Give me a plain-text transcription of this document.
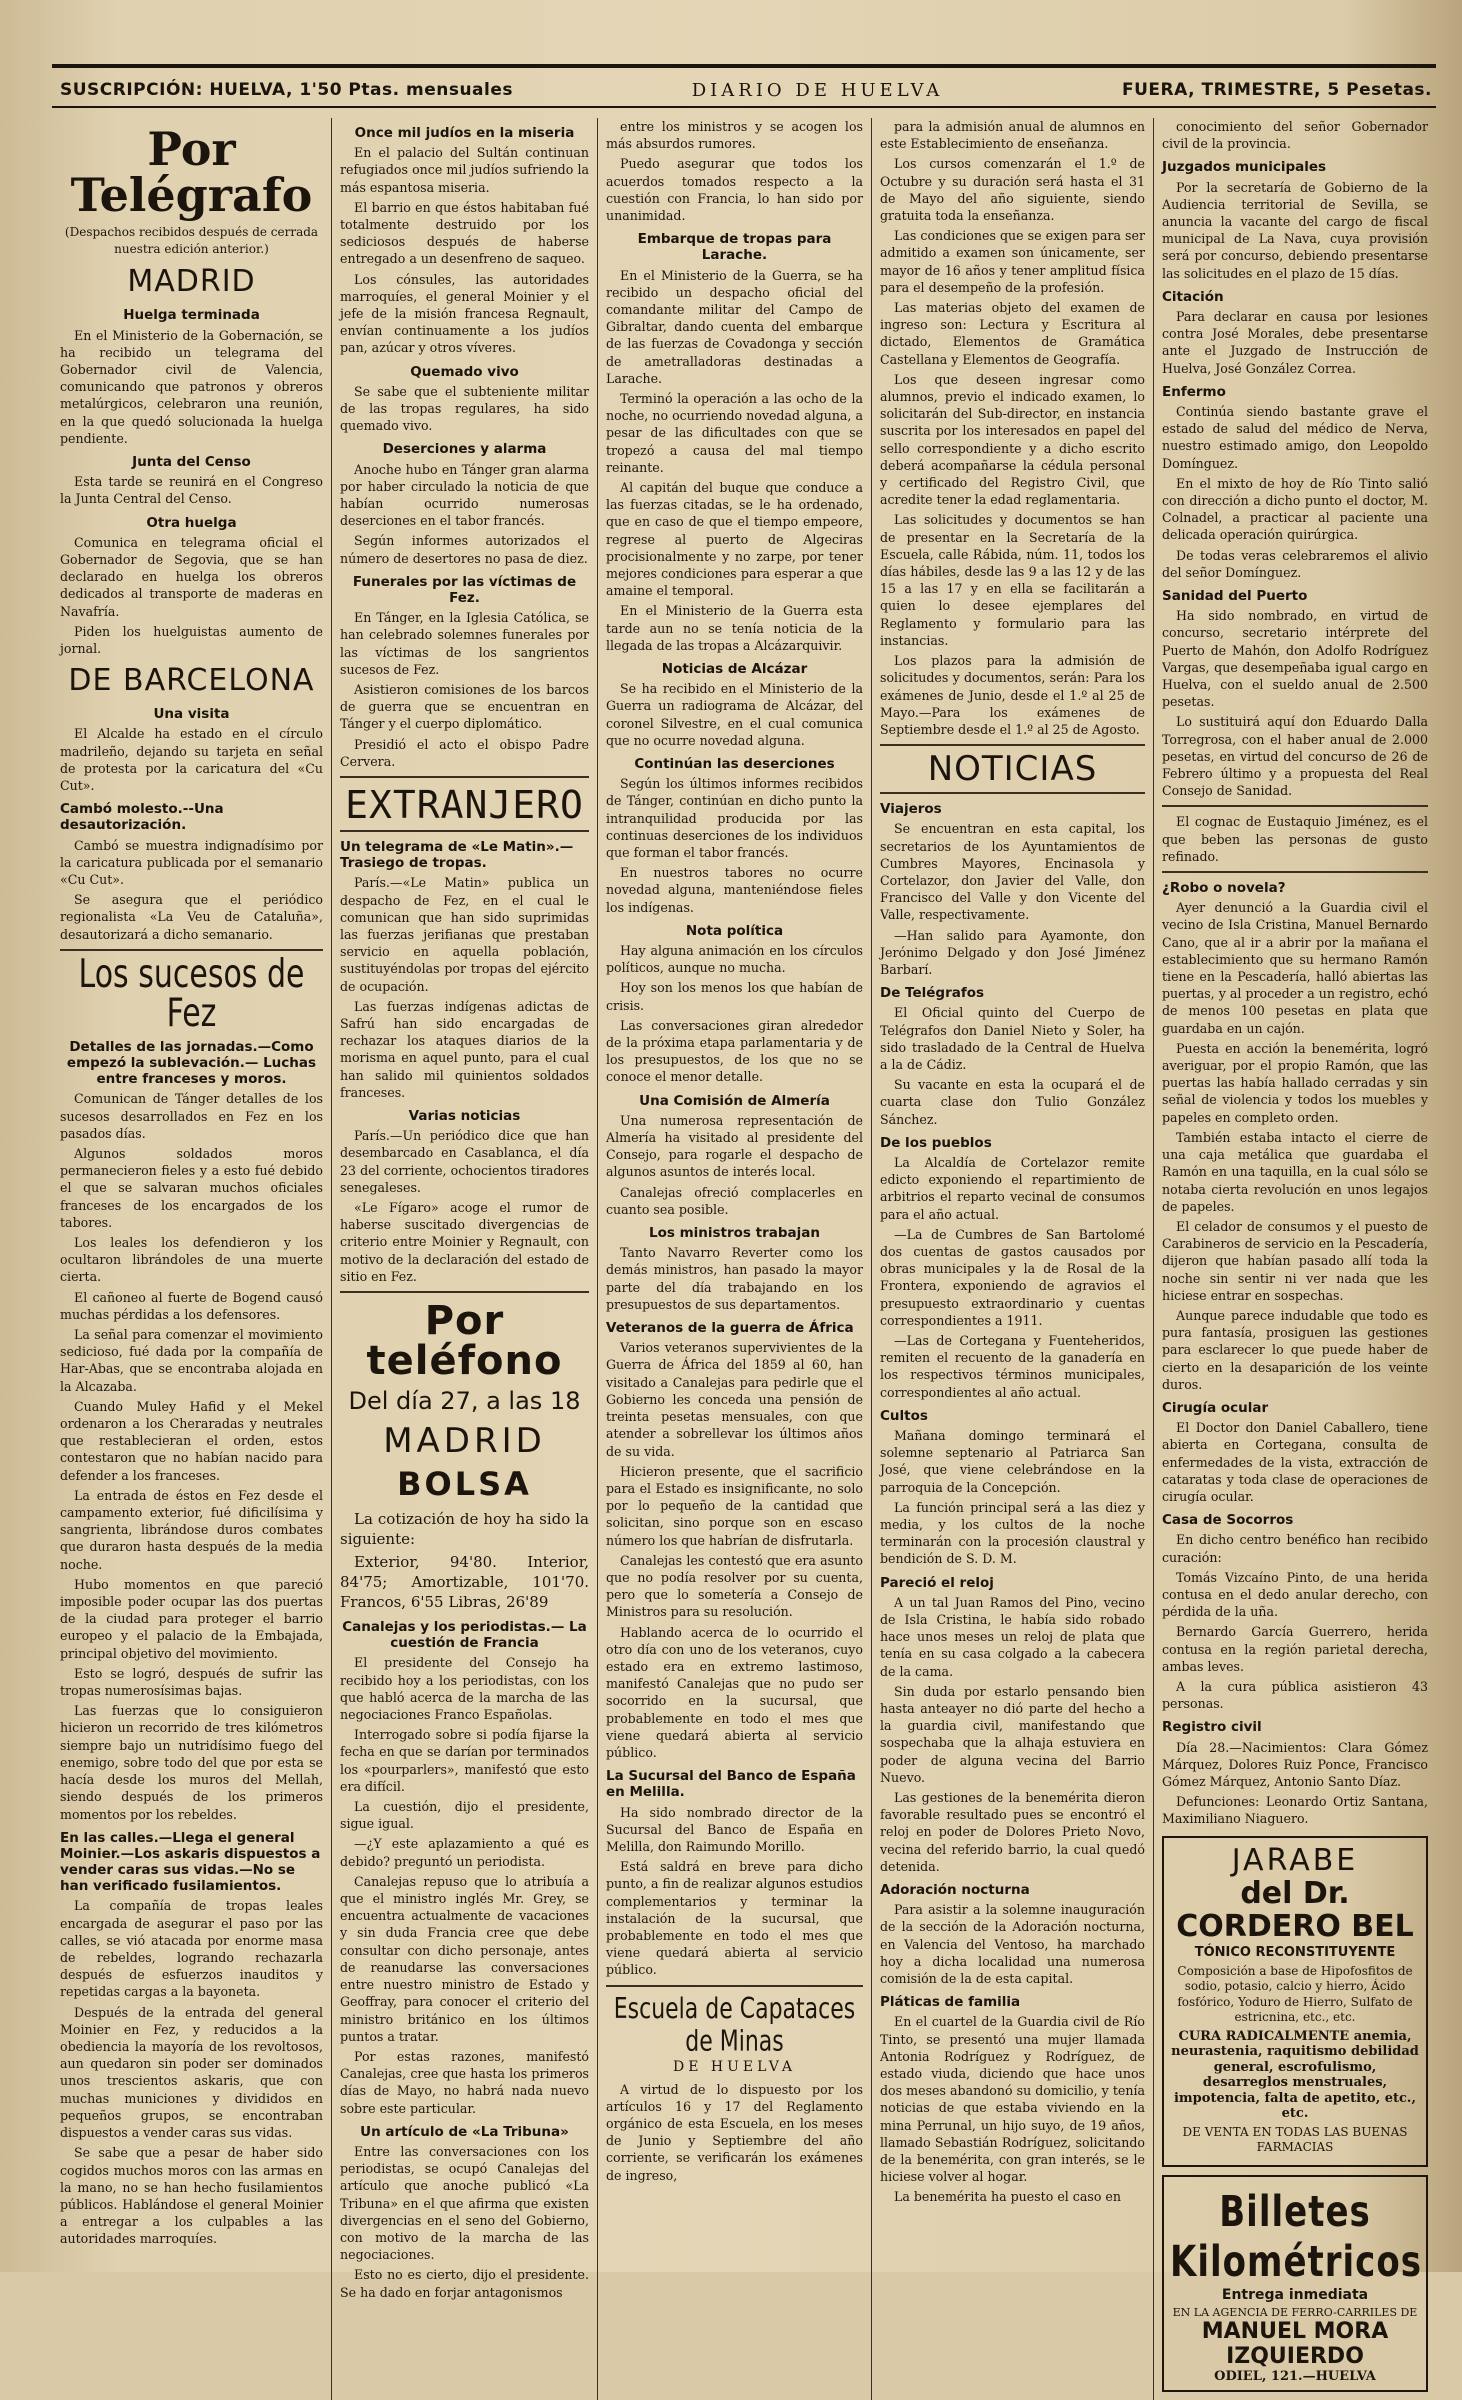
SUSCRIPCIÓN: HUELVA, 1'50 Ptas. mensuales	DIARIO DE HUELVA	FUERA, TRIMESTRE, 5 Pesetas.
Por Telégrafo

(Despachos recibidos después de cerrada nuestra edición anterior.)

MADRID
Huelga terminada

En el Ministerio de la Gobernación, se ha recibido un telegrama del Gobernador civil de Valencia, comunicando que patronos y obreros metalúrgicos, celebraron una reunión, en la que quedó solucionada la huelga pendiente.

Junta del Censo

Esta tarde se reunirá en el Congreso la Junta Central del Censo.

Otra huelga

Comunica en telegrama oficial el Gobernador de Segovia, que se han declarado en huelga los obreros dedicados al transporte de maderas en Navafría.

Piden los huelguistas aumento de jornal.

DE BARCELONA
Una visita

El Alcalde ha estado en el círculo madrileño, dejando su tarjeta en señal de protesta por la caricatura del «Cu Cut».

Cambó molesto.--Una desautorización.

Cambó se muestra indignadísimo por la caricatura publicada por el semanario «Cu Cut».

Se asegura que el periódico regionalista «La Veu de Cataluña», desautorizará a dicho semanario.

Los sucesos de Fez
Detalles de las jornadas.—Como empezó la sublevación.— Luchas entre franceses y moros.

Comunican de Tánger detalles de los sucesos desarrollados en Fez en los pasados días.

Algunos soldados moros permanecieron fieles y a esto fué debido el que se salvaran muchos oficiales franceses de los encargados de los tabores.

Los leales los defendieron y los ocultaron librándoles de una muerte cierta.

El cañoneo al fuerte de Bogend causó muchas pérdidas a los defensores.

La señal para comenzar el movimiento sedicioso, fué dada por la compañía de Har-Abas, que se encontraba alojada en la Alcazaba.

Cuando Muley Hafid y el Mekel ordenaron a los Cheraradas y neutrales que restablecieran el orden, estos contestaron que no habían nacido para defender a los franceses.

La entrada de éstos en Fez desde el campamento exterior, fué dificilísima y sangrienta, librándose duros combates que duraron hasta después de la media noche.

Hubo momentos en que pareció imposible poder ocupar las dos puertas de la ciudad para proteger el barrio europeo y el palacio de la Embajada, principal objetivo del movimiento.

Esto se logró, después de sufrir las tropas numerosísimas bajas.

Las fuerzas que lo consiguieron hicieron un recorrido de tres kilómetros siempre bajo un nutridísimo fuego del enemigo, sobre todo del que por esta se hacía desde los muros del Mellah, siendo después de los primeros momentos por los rebeldes.

En las calles.—Llega el general Moinier.—Los askaris dispuestos a vender caras sus vidas.—No se han verificado fusilamientos.

La compañía de tropas leales encargada de asegurar el paso por las calles, se vió atacada por enorme masa de rebeldes, logrando rechazarla después de esfuerzos inauditos y repetidas cargas a la bayoneta.

Después de la entrada del general Moinier en Fez, y reducidos a la obediencia la mayoría de los revoltosos, aun quedaron sin poder ser dominados unos trescientos askaris, que con muchas municiones y divididos en pequeños grupos, se encontraban dispuestos a vender caras sus vidas.

Se sabe que a pesar de haber sido cogidos muchos moros con las armas en la mano, no se han hecho fusilamientos públicos. Hablándose el general Moinier a entregar a los culpables a las autoridades marroquíes.

Once mil judíos en la miseria

En el palacio del Sultán continuan refugiados once mil judíos sufriendo la más espantosa miseria.

El barrio en que éstos habitaban fué totalmente destruido por los sediciosos después de haberse entregado a un desenfreno de saqueo.

Los cónsules, las autoridades marroquíes, el general Moinier y el jefe de la misión francesa Regnault, envían continuamente a los judíos pan, azúcar y otros víveres.

Quemado vivo

Se sabe que el subteniente militar de las tropas regulares, ha sido quemado vivo.

Deserciones y alarma

Anoche hubo en Tánger gran alarma por haber circulado la noticia de que habían ocurrido numerosas deserciones en el tabor francés.

Según informes autorizados el número de desertores no pasa de diez.

Funerales por las víctimas de Fez.

En Tánger, en la Iglesia Católica, se han celebrado solemnes funerales por las víctimas de los sangrientos sucesos de Fez.

Asistieron comisiones de los barcos de guerra que se encuentran en Tánger y el cuerpo diplomático.

Presidió el acto el obispo Padre Cervera.

EXTRANJERO
Un telegrama de «Le Matin».— Trasiego de tropas.

París.—«Le Matin» publica un despacho de Fez, en el cual le comunican que han sido suprimidas las fuerzas jerifianas que prestaban servicio en aquella población, sustituyéndolas por tropas del ejército de ocupación.

Las fuerzas indígenas adictas de Safrú han sido encargadas de rechazar los ataques diarios de la morisma en aquel punto, para el cual han salido mil quinientos soldados franceses.

Varias noticias

París.—Un periódico dice que han desembarcado en Casablanca, el día 23 del corriente, ochocientos tiradores senegaleses.

«Le Fígaro» acoge el rumor de haberse suscitado divergencias de criterio entre Moinier y Regnault, con motivo de la declaración del estado de sitio en Fez.

Por teléfono
Del día 27, a las 18
MADRID
BOLSA

La cotización de hoy ha sido la siguiente:

Exterior, 94'80. Interior, 84'75; Amortizable, 101'70. Francos, 6'55 Libras, 26'89

Canalejas y los periodistas.— La cuestión de Francia

El presidente del Consejo ha recibido hoy a los periodistas, con los que habló acerca de la marcha de las negociaciones Franco Españolas.

Interrogado sobre si podía fijarse la fecha en que se darían por terminados los «pourparlers», manifestó que esto era difícil.

La cuestión, dijo el presidente, sigue igual.

—¿Y este aplazamiento a qué es debido? preguntó un periodista.

Canalejas repuso que lo atribuía a que el ministro inglés Mr. Grey, se encuentra actualmente de vacaciones y sin duda Francia cree que debe consultar con dicho personaje, antes de reanudarse las conversaciones entre nuestro ministro de Estado y Geoffray, para conocer el criterio del ministro británico en los últimos puntos a tratar.

Por estas razones, manifestó Canalejas, cree que hasta los primeros días de Mayo, no habrá nada nuevo sobre este particular.

Un artículo de «La Tribuna»

Entre las conversaciones con los periodistas, se ocupó Canalejas del artículo que anoche publicó «La Tribuna» en el que afirma que existen divergencias en el seno del Gobierno, con motivo de la marcha de las negociaciones.

Esto no es cierto, dijo el presidente. Se ha dado en forjar antagonismos

entre los ministros y se acogen los más absurdos rumores.

Puedo asegurar que todos los acuerdos tomados respecto a la cuestión con Francia, lo han sido por unanimidad.

Embarque de tropas para Larache.

En el Ministerio de la Guerra, se ha recibido un despacho oficial del comandante militar del Campo de Gibraltar, dando cuenta del embarque de las fuerzas de Covadonga y sección de ametralladoras destinadas a Larache.

Terminó la operación a las ocho de la noche, no ocurriendo novedad alguna, a pesar de las dificultades con que se tropezó a causa del mal tiempo reinante.

Al capitán del buque que conduce a las fuerzas citadas, se le ha ordenado, que en caso de que el tiempo empeore, regrese al puerto de Algeciras procisionalmente y no zarpe, por tener mejores condiciones para esperar a que amaine el temporal.

En el Ministerio de la Guerra esta tarde aun no se tenía noticia de la llegada de las tropas a Alcázarquivir.

Noticias de Alcázar

Se ha recibido en el Ministerio de la Guerra un radiograma de Alcázar, del coronel Silvestre, en el cual comunica que no ocurre novedad alguna.

Continúan las deserciones

Según los últimos informes recibidos de Tánger, continúan en dicho punto la intranquilidad producida por las continuas deserciones de los individuos que forman el tabor francés.

En nuestros tabores no ocurre novedad alguna, manteniéndose fieles los indígenas.

Nota política

Hay alguna animación en los círculos políticos, aunque no mucha.

Hoy son los menos los que habían de crisis.

Las conversaciones giran alrededor de la próxima etapa parlamentaria y de los presupuestos, de los que no se conoce el menor detalle.

Una Comisión de Almería

Una numerosa representación de Almería ha visitado al presidente del Consejo, para rogarle el despacho de algunos asuntos de interés local.

Canalejas ofreció complacerles en cuanto sea posible.

Los ministros trabajan

Tanto Navarro Reverter como los demás ministros, han pasado la mayor parte del día trabajando en los presupuestos de sus departamentos.

Veteranos de la guerra de África

Varios veteranos supervivientes de la Guerra de África del 1859 al 60, han visitado a Canalejas para pedirle que el Gobierno les conceda una pensión de treinta pesetas mensuales, con que atender a sobrellevar los últimos años de su vida.

Hicieron presente, que el sacrificio para el Estado es insignificante, no solo por lo pequeño de la cantidad que solicitan, sino porque son en escaso número los que habrían de disfrutarla.

Canalejas les contestó que era asunto que no podía resolver por su cuenta, pero que lo sometería a Consejo de Ministros para su resolución.

Hablando acerca de lo ocurrido el otro día con uno de los veteranos, cuyo estado era en extremo lastimoso, manifestó Canalejas que no pudo ser socorrido en la sucursal, que probablemente en todo el mes que viene quedará abierta al servicio público.

La Sucursal del Banco de España en Melilla.

Ha sido nombrado director de la Sucursal del Banco de España en Melilla, don Raimundo Morillo.

Está saldrá en breve para dicho punto, a fin de realizar algunos estudios complementarios y terminar la instalación de la sucursal, que probablemente en todo el mes que viene quedará abierta al servicio público.

Escuela de Capataces de Minas
DE HUELVA

A virtud de lo dispuesto por los artículos 16 y 17 del Reglamento orgánico de esta Escuela, en los meses de Junio y Septiembre del año corriente, se verificarán los exámenes de ingreso,

para la admisión anual de alumnos en este Establecimiento de enseñanza.

Los cursos comenzarán el 1.º de Octubre y su duración será hasta el 31 de Mayo del año siguiente, siendo gratuita toda la enseñanza.

Las condiciones que se exigen para ser admitido a examen son únicamente, ser mayor de 16 años y tener amplitud física para el desempeño de la profesión.

Las materias objeto del examen de ingreso son: Lectura y Escritura al dictado, Elementos de Gramática Castellana y Elementos de Geografía.

Los que deseen ingresar como alumnos, previo el indicado examen, lo solicitarán del Sub-director, en instancia suscrita por los interesados en papel del sello correspondiente y a dicho escrito deberá acompañarse la cédula personal y certificado del Registro Civil, que acredite tener la edad reglamentaria.

Las solicitudes y documentos se han de presentar en la Secretaría de la Escuela, calle Rábida, núm. 11, todos los días hábiles, desde las 9 a las 12 y de las 15 a las 17 y en ella se facilitarán a quien lo desee ejemplares del Reglamento y formulario para las instancias.

Los plazos para la admisión de solicitudes y documentos, serán: Para los exámenes de Junio, desde el 1.º al 25 de Mayo.—Para los exámenes de Septiembre desde el 1.º al 25 de Agosto.

NOTICIAS
Viajeros

Se encuentran en esta capital, los secretarios de los Ayuntamientos de Cumbres Mayores, Encinasola y Cortelazor, don Javier del Valle, don Francisco del Valle y don Vicente del Valle, respectivamente.

—Han salido para Ayamonte, don Jerónimo Delgado y don José Jiménez Barbarí.

De Telégrafos

El Oficial quinto del Cuerpo de Telégrafos don Daniel Nieto y Soler, ha sido trasladado de la Central de Huelva a la de Cádiz.

Su vacante en esta la ocupará el de cuarta clase don Tulio González Sánchez.

De los pueblos

La Alcaldía de Cortelazor remite edicto exponiendo el repartimiento de arbitrios el reparto vecinal de consumos para el año actual.

—La de Cumbres de San Bartolomé dos cuentas de gastos causados por obras municipales y la de Rosal de la Frontera, exponiendo de agravios el presupuesto extraordinario y cuentas correspondientes a 1911.

—Las de Cortegana y Fuenteheridos, remiten el recuento de la ganadería en los respectivos términos municipales, correspondientes al año actual.

Cultos

Mañana domingo terminará el solemne septenario al Patriarca San José, que viene celebrándose en la parroquia de la Concepción.

La función principal será a las diez y media, y los cultos de la noche terminarán con la procesión claustral y bendición de S. D. M.

Pareció el reloj

A un tal Juan Ramos del Pino, vecino de Isla Cristina, le había sido robado hace unos meses un reloj de plata que tenía en su casa colgado a la cabecera de la cama.

Sin duda por estarlo pensando bien hasta anteayer no dió parte del hecho a la guardia civil, manifestando que sospechaba que la alhaja estuviera en poder de alguna vecina del Barrio Nuevo.

Las gestiones de la benemérita dieron favorable resultado pues se encontró el reloj en poder de Dolores Prieto Novo, vecina del referido barrio, la cual quedó detenida.

Adoración nocturna

Para asistir a la solemne inauguración de la sección de la Adoración nocturna, en Valencia del Ventoso, ha marchado hoy a dicha localidad una numerosa comisión de la de esta capital.

Pláticas de familia

En el cuartel de la Guardia civil de Río Tinto, se presentó una mujer llamada Antonia Rodríguez y Rodríguez, de estado viuda, diciendo que hace unos dos meses abandonó su domicilio, y tenía noticias de que estaba viviendo en la mina Perrunal, un hijo suyo, de 19 años, llamado Sebastián Rodríguez, solicitando de la benemérita, con gran interés, se le hiciese volver al hogar.

La benemérita ha puesto el caso en

conocimiento del señor Gobernador civil de la provincia.

Juzgados municipales

Por la secretaría de Gobierno de la Audiencia territorial de Sevilla, se anuncia la vacante del cargo de fiscal municipal de La Nava, cuya provisión será por concurso, debiendo presentarse las solicitudes en el plazo de 15 días.

Citación

Para declarar en causa por lesiones contra José Morales, debe presentarse ante el Juzgado de Instrucción de Huelva, José González Correa.

Enfermo

Continúa siendo bastante grave el estado de salud del médico de Nerva, nuestro estimado amigo, don Leopoldo Domínguez.

En el mixto de hoy de Río Tinto salió con dirección a dicho punto el doctor, M. Colnadel, a practicar al paciente una delicada operación quirúrgica.

De todas veras celebraremos el alivio del señor Domínguez.

Sanidad del Puerto

Ha sido nombrado, en virtud de concurso, secretario intérprete del Puerto de Mahón, don Adolfo Rodríguez Vargas, que desempeñaba igual cargo en Huelva, con el sueldo anual de 2.500 pesetas.

Lo sustituirá aquí don Eduardo Dalla Torregrosa, con el haber anual de 2.000 pesetas, en virtud del concurso de 26 de Febrero último y a propuesta del Real Consejo de Sanidad.

El cognac de Eustaquio Jiménez, es el que beben las personas de gusto refinado.

¿Robo o novela?

Ayer denunció a la Guardia civil el vecino de Isla Cristina, Manuel Bernardo Cano, que al ir a abrir por la mañana el establecimiento que su hermano Ramón tiene en la Pescadería, halló abiertas las puertas, y al proceder a un registro, echó de menos 100 pesetas en plata que guardaba en un cajón.

Puesta en acción la benemérita, logró averiguar, por el propio Ramón, que las puertas las había hallado cerradas y sin señal de violencia y todos los muebles y papeles en completo orden.

También estaba intacto el cierre de una caja metálica que guardaba el Ramón en una taquilla, en la cual sólo se notaba cierta revolución en unos legajos de papeles.

El celador de consumos y el puesto de Carabineros de servicio en la Pescadería, dijeron que habían pasado allí toda la noche sin sentir ni ver nada que les hiciese entrar en sospechas.

Aunque parece indudable que todo es pura fantasía, prosiguen las gestiones para esclarecer lo que puede haber de cierto en la desaparición de los veinte duros.

Cirugía ocular

El Doctor don Daniel Caballero, tiene abierta en Cortegana, consulta de enfermedades de la vista, extracción de cataratas y toda clase de operaciones de cirugía ocular.

Casa de Socorros

En dicho centro benéfico han recibido curación:

Tomás Vizcaíno Pinto, de una herida contusa en el dedo anular derecho, con pérdida de la uña.

Bernardo García Guerrero, herida contusa en la región parietal derecha, ambas leves.

A la cura pública asistieron 43 personas.

Registro civil

Día 28.—Nacimientos: Clara Gómez Márquez, Dolores Ruiz Ponce, Francisco Gómez Márquez, Antonio Santo Díaz.

Defunciones: Leonardo Ortiz Santana, Maximiliano Niaguero.

JARABE
del Dr. CORDERO BEL
TÓNICO RECONSTITUYENTE

Composición a base de Hipofosfitos de sodio, potasio, calcio y hierro, Ácido fosfórico, Yoduro de Hierro, Sulfato de estricnina, etc., etc.

CURA RADICALMENTE anemia, neurastenia, raquitismo debilidad general, escrofulismo, desarreglos menstruales, impotencia, falta de apetito, etc., etc.

DE VENTA EN TODAS LAS BUENAS FARMACIAS

Billetes Kilométricos
Entrega inmediata
EN LA AGENCIA DE FERRO-CARRILES DE
MANUEL MORA IZQUIERDO
ODIEL, 121.—HUELVA
